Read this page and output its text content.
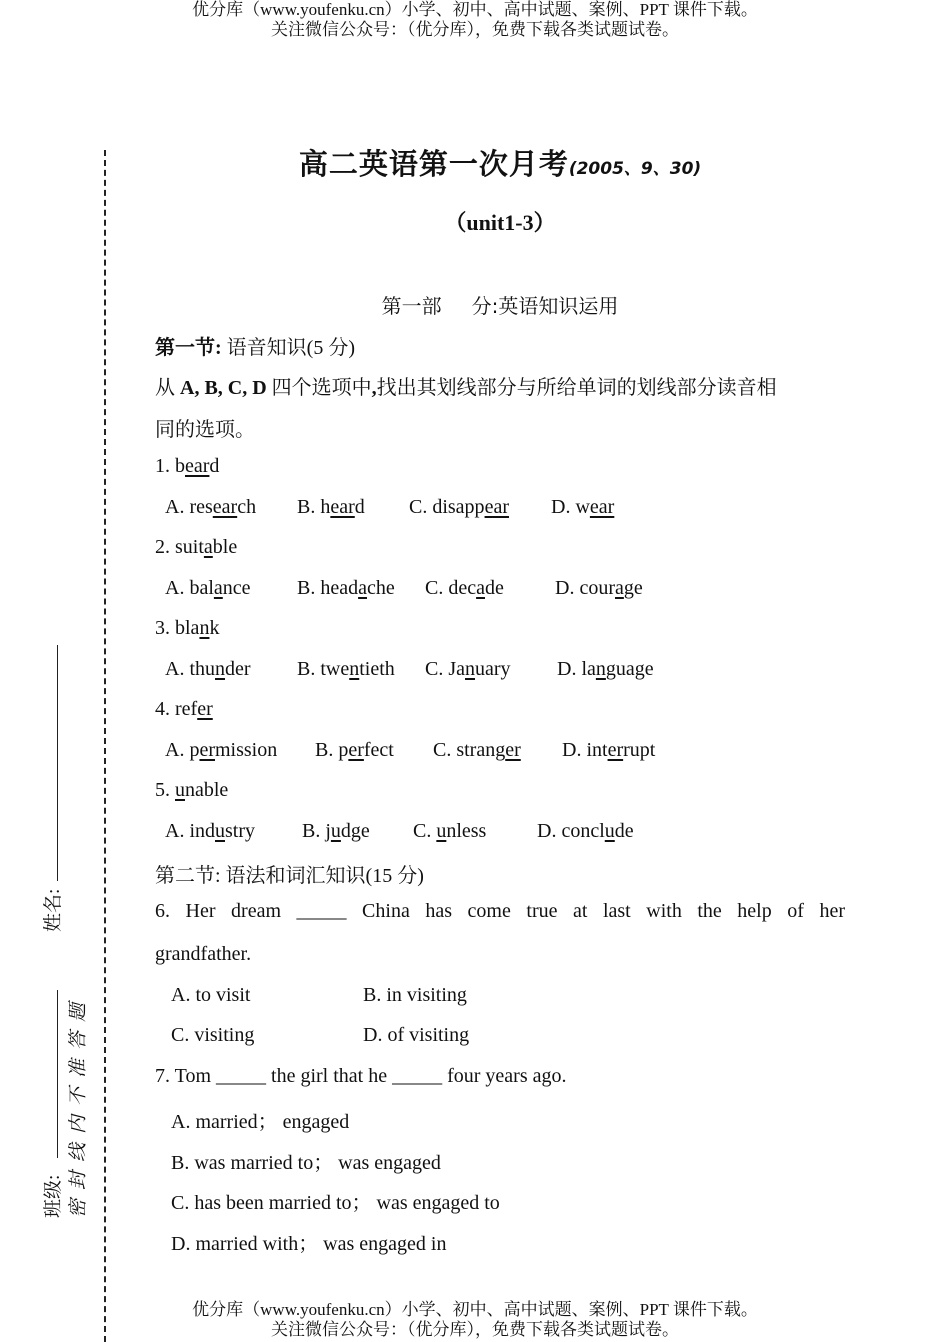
优分库（www.youfenku.cn）小学、初中、高中试题、案例、PPT 课件下载。
关注微信公众号：（优分库），免费下载各类试题试卷。
姓名:
班级: 密封线内不准答题
高二英语第一次月考(2005、9、30)
（unit1-3）
第一部 分:英语知识运用
第一节: 语音知识(5 分)
从 A, B, C, D 四个选项中,找出其划线部分与所给单词的划线部分读音相
同的选项。
1. beard
A. research B. heard C. disappear D. wear
2. suitable
A. balance B. headache C. decade	D. courage
3. blank
A. thunder B. twentieth C. January D. language
4. refer
A. permission B. perfect C. stranger D. interrupt
5. unable
A. industry B. judge C. unless	D. conclude
第二节: 语法和词汇知识(15 分)
6. Her dream _____ China has come true at last with the help of her
grandfather.
A. to visit	B. in visiting
C. visiting	D. of visiting
7. Tom _____ the girl that he _____ four years ago.
A. married； engaged
B. was married to； was engaged
C. has been married to； was engaged to
D. married with； was engaged in
优分库（www.youfenku.cn）小学、初中、高中试题、案例、PPT 课件下载。
关注微信公众号：（优分库），免费下载各类试题试卷。
